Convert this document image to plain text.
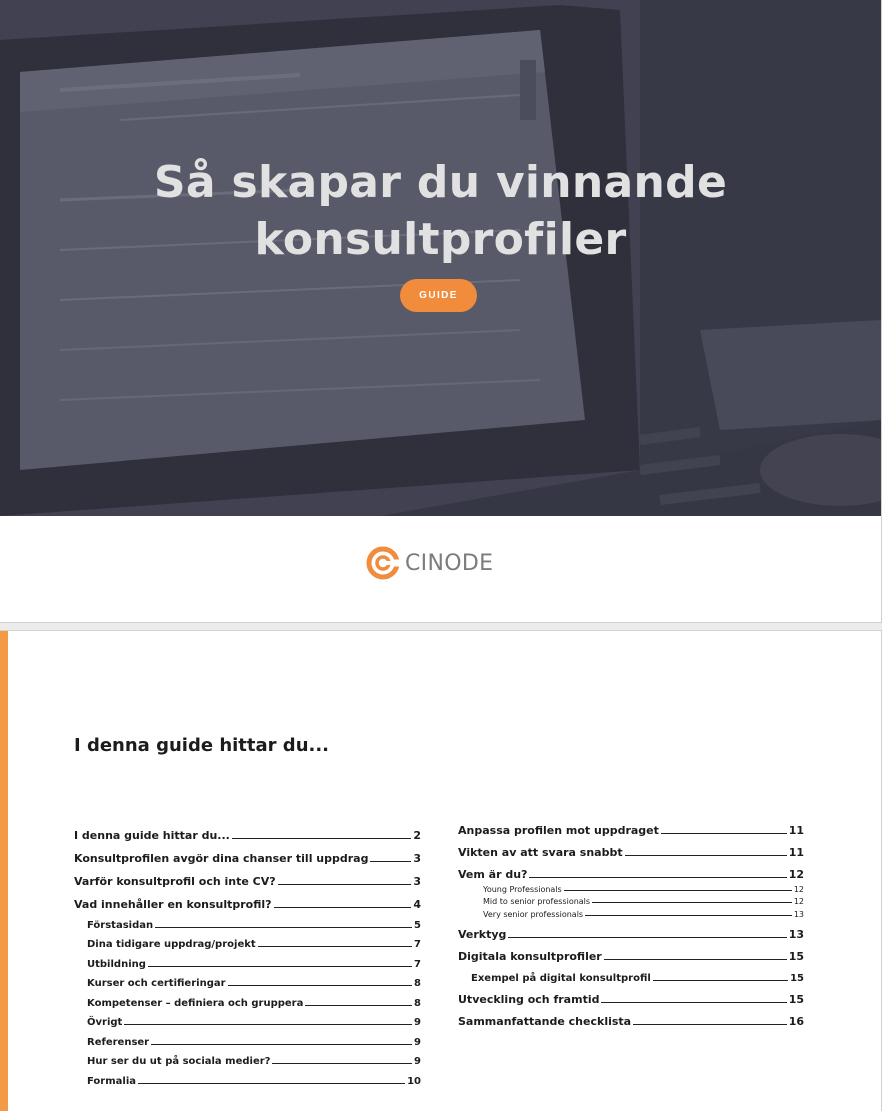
Så skapar du vinnande
konsultprofiler
GUIDE
CINODE
I denna guide hittar du...
I denna guide hittar du...	2
Konsultprofilen avgör dina chanser till uppdrag	3
Varför konsultprofil och inte CV?	3
Vad innehåller en konsultprofil?	4
Förstasidan	5
Dina tidigare uppdrag/projekt	7
Utbildning	7
Kurser och certifieringar	8
Kompetenser – definiera och gruppera	8
Övrigt	9
Referenser	9
Hur ser du ut på sociala medier?	9
Formalia	10
Anpassa profilen mot uppdraget	11
Vikten av att svara snabbt	11
Vem är du?	12
Young Professionals	12
Mid to senior professionals	12
Very senior professionals	13
Verktyg	13
Digitala konsultprofiler	15
Exempel på digital konsultprofil	15
Utveckling och framtid	15
Sammanfattande checklista	16
